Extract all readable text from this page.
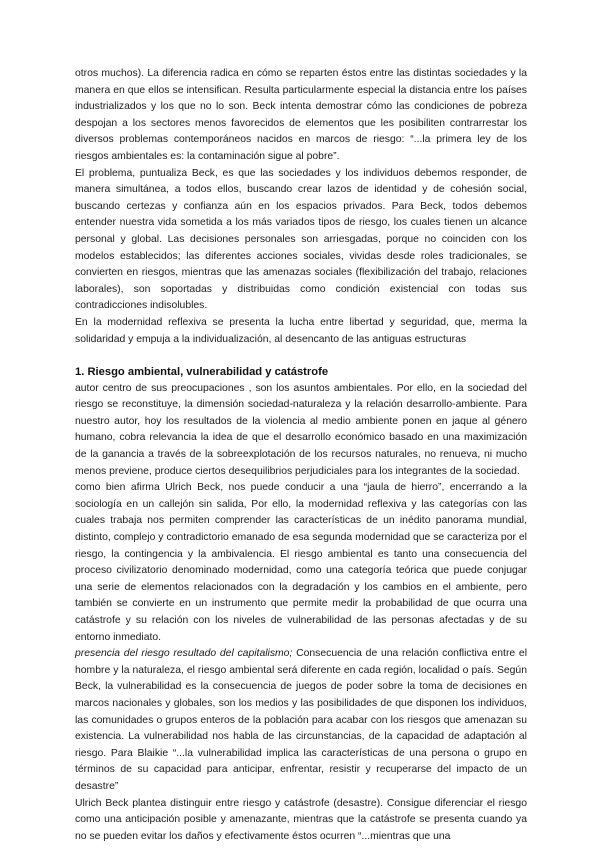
otros muchos). La diferencia radica en cómo se reparten éstos entre las distintas sociedades y la manera en que ellos se intensifican. Resulta particularmente especial la distancia entre los países industrializados y los que no lo son. Beck intenta demostrar cómo las condiciones de pobreza despojan a los sectores menos favorecidos de elementos que les posibiliten contrarrestar los diversos problemas contemporáneos nacidos en marcos de riesgo: “...la primera ley de los riesgos ambientales es: la contaminación sigue al pobre”.

El problema, puntualiza Beck, es que las sociedades y los individuos debemos responder, de manera simultánea, a todos ellos, buscando crear lazos de identidad y de cohesión social, buscando certezas y confianza aún en los espacios privados. Para Beck, todos debemos entender nuestra vida sometida a los más variados tipos de riesgo, los cuales tienen un alcance personal y global. Las decisiones personales son arriesgadas, porque no coinciden con los modelos establecidos; las diferentes acciones sociales, vividas desde roles tradicionales, se convierten en riesgos, mientras que las amenazas sociales (flexibilización del trabajo, relaciones laborales), son soportadas y distribuidas como condición existencial con todas sus contradicciones indisolubles.

En la modernidad reflexiva se presenta la lucha entre libertad y seguridad, que, merma la solidaridad y empuja a la individualización, al desencanto de las antiguas estructuras

1. Riesgo ambiental, vulnerabilidad y catástrofe

autor centro de sus preocupaciones , son los asuntos ambientales. Por ello, en la sociedad del riesgo se reconstituye, la dimensión sociedad-naturaleza y la relación desarrollo-ambiente. Para nuestro autor, hoy los resultados de la violencia al medio ambiente ponen en jaque al género humano, cobra relevancia la idea de que el desarrollo económico basado en una maximización de la ganancia a través de la sobreexplotación de los recursos naturales, no renueva, ni mucho menos previene, produce ciertos desequilibrios perjudiciales para los integrantes de la sociedad.

como bien afirma Ulrich Beck, nos puede conducir a una “jaula de hierro”, encerrando a la sociología en un callejón sin salida, Por ello, la modernidad reflexiva y las categorías con las cuales trabaja nos permiten comprender las características de un inédito panorama mundial, distinto, complejo y contradictorio emanado de esa segunda modernidad que se caracteriza por el riesgo, la contingencia y la ambivalencia. El riesgo ambiental es tanto una consecuencia del proceso civilizatorio denominado modernidad, como una categoría teórica que puede conjugar una serie de elementos relacionados con la degradación y los cambios en el ambiente, pero también se convierte en un instrumento que permite medir la probabilidad de que ocurra una catástrofe y su relación con los niveles de vulnerabilidad de las personas afectadas y de su entorno inmediato.

presencia del riesgo resultado del capitalismo; Consecuencia de una relación conflictiva entre el hombre y la naturaleza, el riesgo ambiental será diferente en cada región, localidad o país. Según Beck, la vulnerabilidad es la consecuencia de juegos de poder sobre la toma de decisiones en marcos nacionales y globales, son los medios y las posibilidades de que disponen los individuos, las comunidades o grupos enteros de la población para acabar con los riesgos que amenazan su existencia. La vulnerabilidad nos habla de las circunstancias, de la capacidad de adaptación al riesgo. Para Blaikie “...la vulnerabilidad implica las características de una persona o grupo en términos de su capacidad para anticipar, enfrentar, resistir y recuperarse del impacto de un desastre”

Ulrich Beck plantea distinguir entre riesgo y catástrofe (desastre). Consigue diferenciar el riesgo como una anticipación posible y amenazante, mientras que la catástrofe se presenta cuando ya no se pueden evitar los daños y efectivamente éstos ocurren “...mientras que una
